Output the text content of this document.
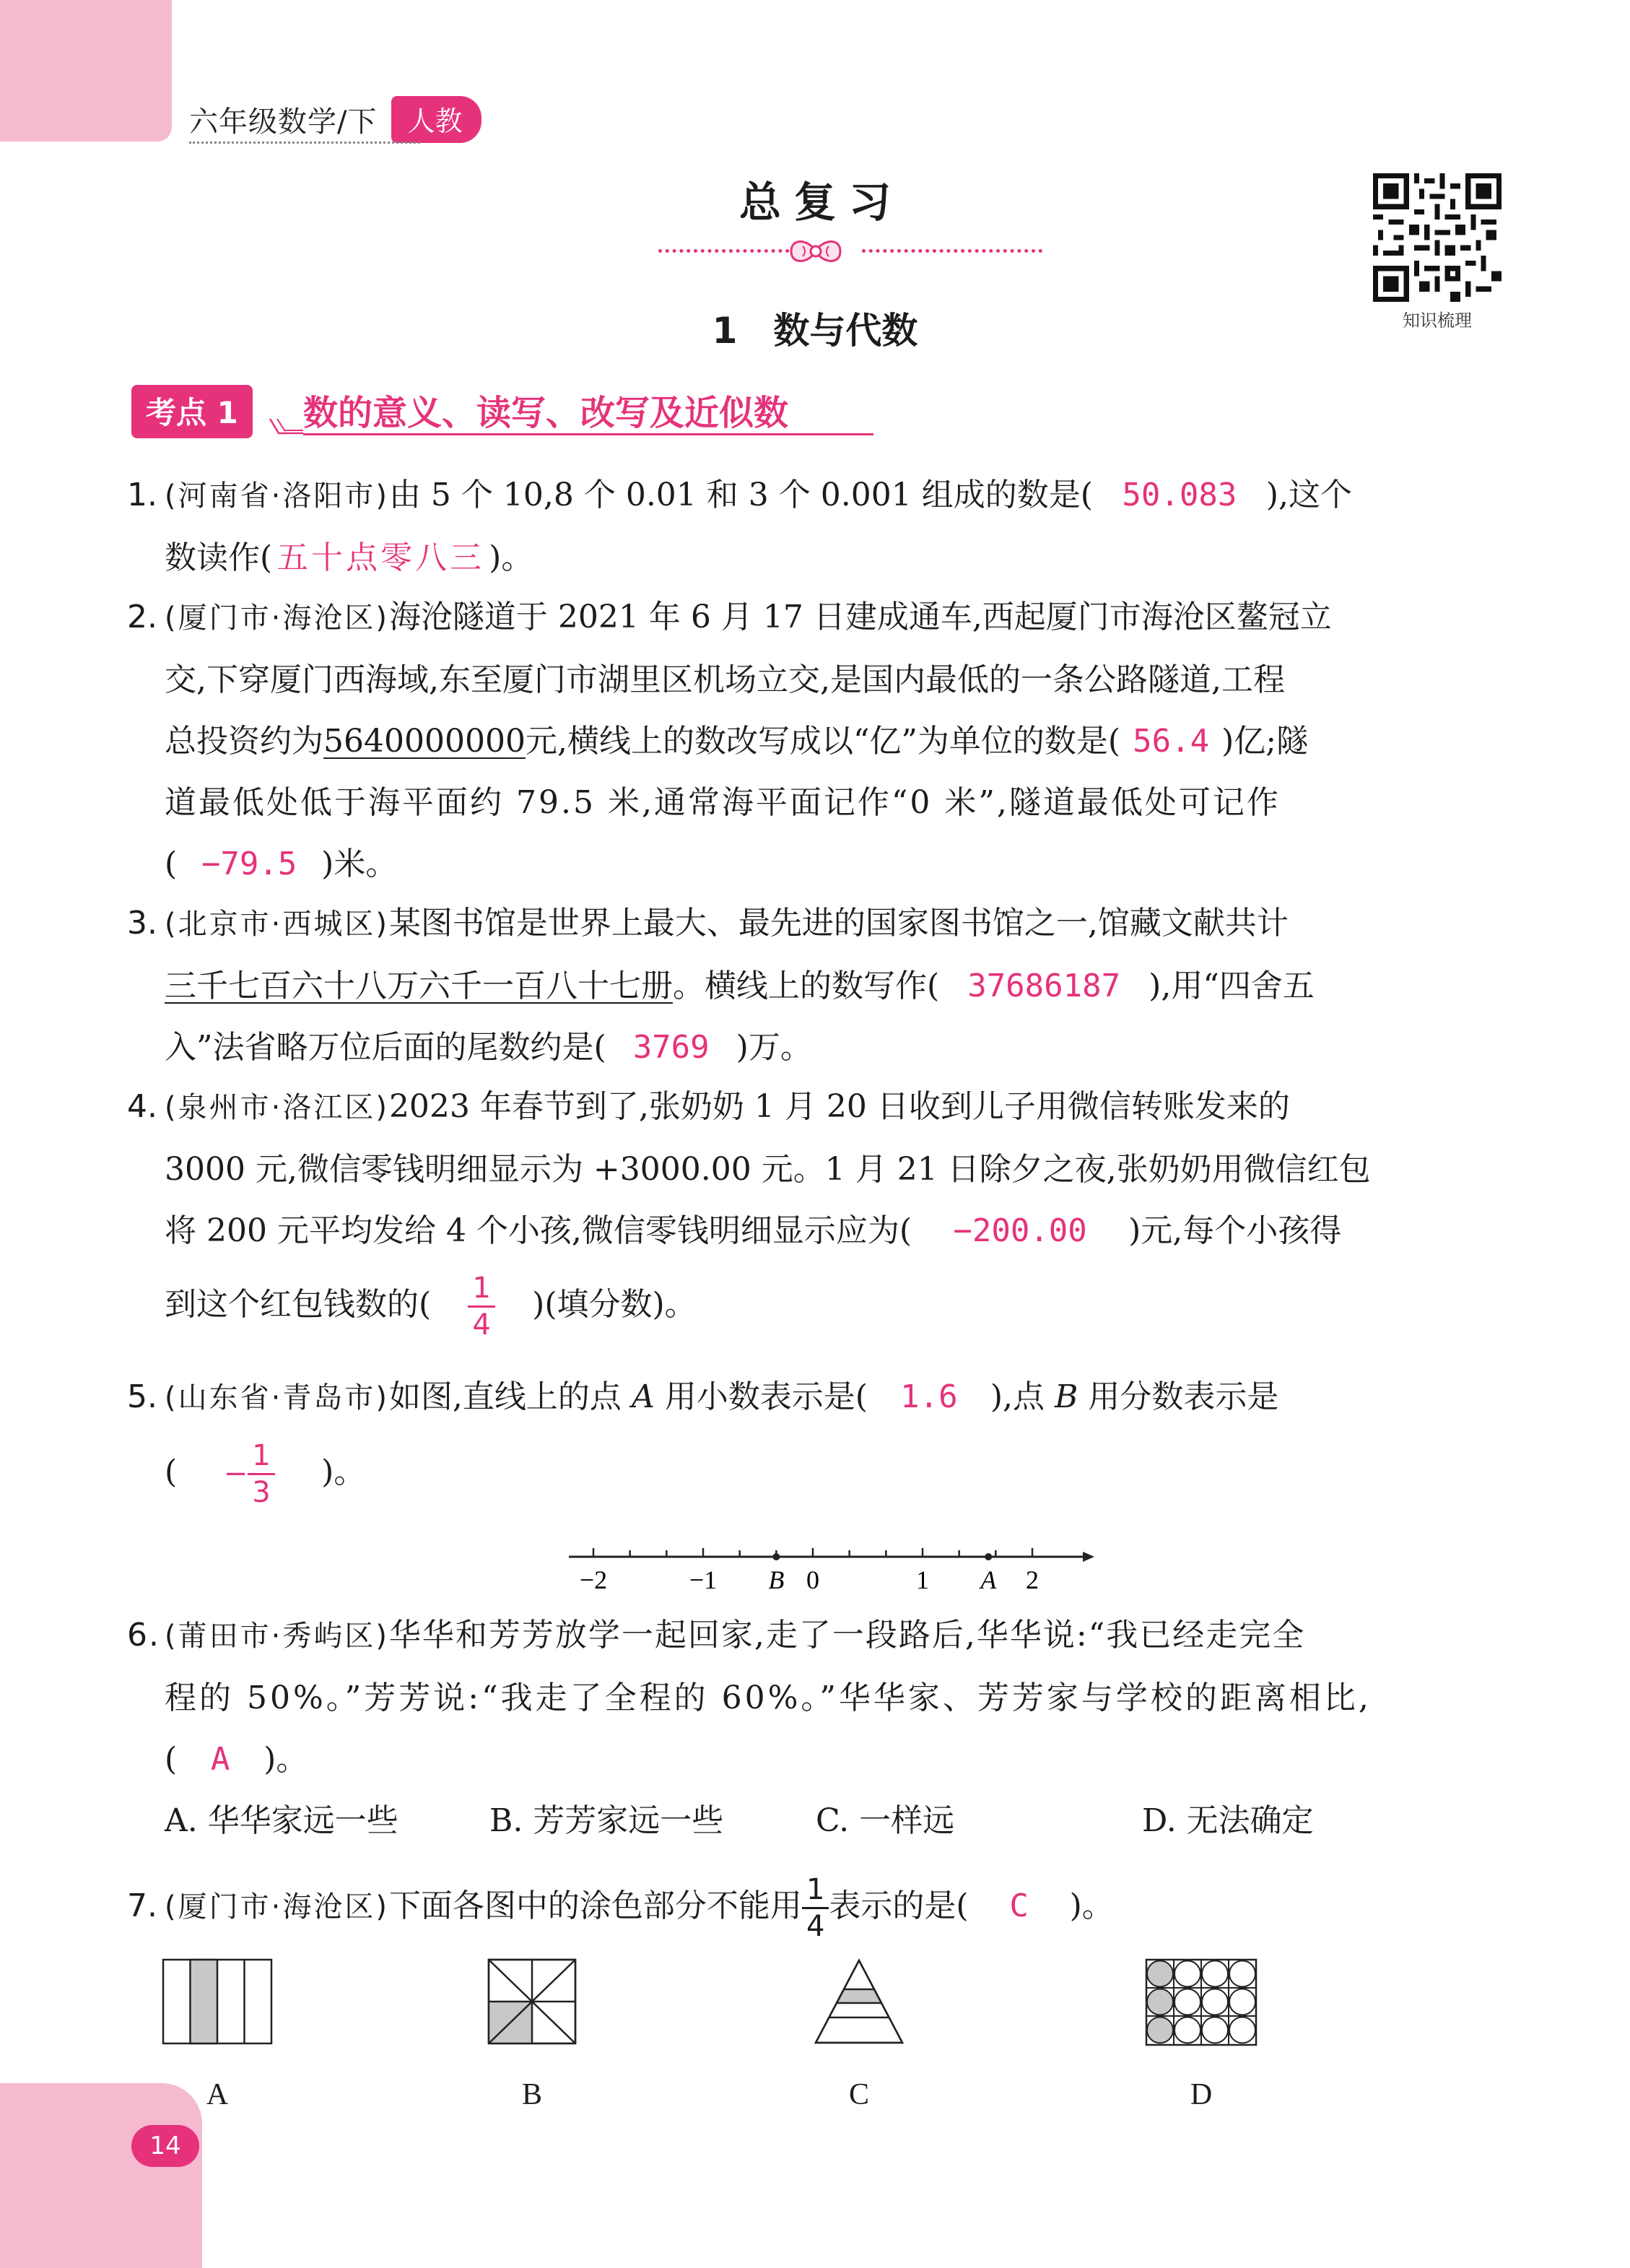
六年级数学/下	人教
总复习
1　数与代数	知识梳理
考点 1	数的意义、读写、改写及近似数
1. (河南省·洛阳市)由 5 个 10,8 个 0.01 和 3 个 0.001 组成的数是( 50.083 ),这个
数读作( 五十点零八三 )。
2. (厦门市·海沧区)海沧隧道于 2021 年 6 月 17 日建成通车,西起厦门市海沧区鳌冠立
交,下穿厦门西海域,东至厦门市湖里区机场立交,是国内最低的一条公路隧道,工程
总投资约为5640000000元,横线上的数改写成以“亿”为单位的数是( 56.4 )亿;隧
道最低处低于海平面约 79.5 米,通常海平面记作“0 米”,隧道最低处可记作
( −79.5 )米。
3. (北京市·西城区)某图书馆是世界上最大、最先进的国家图书馆之一,馆藏文献共计
三千七百六十八万六千一百八十七册。横线上的数写作( 37686187 ),用“四舍五
入”法省略万位后面的尾数约是( 3769 )万。
4. (泉州市·洛江区)2023 年春节到了,张奶奶 1 月 20 日收到儿子用微信转账发来的
3000 元,微信零钱明细显示为 +3000.00 元。1 月 21 日除夕之夜,张奶奶用微信红包
将 200 元平均发给 4 个小孩,微信零钱明细显示应为( −200.00 )元,每个小孩得
到这个红包钱数的( $\frac{1}{4}$ )(填分数)。
5. (山东省·青岛市)如图,直线上的点 A 用小数表示是( 1.6 ),点 B 用分数表示是
( − $\frac{1}{3}$ )。
−2	−1	0	1	2
A
B
6. (莆田市·秀屿区)华华和芳芳放学一起回家,走了一段路后,华华说:“我已经走完全
程的 50%。”芳芳说:“我走了全程的 60%。”华华家、芳芳家与学校的距离相比,
( A )。
A. 华华家远一些	B. 芳芳家远一些	C. 一样远	D. 无法确定
7. (厦门市·海沧区)下面各图中的涂色部分不能用 $\frac{1}{4}$ 表示的是( C )。
A	B	C	D
14
